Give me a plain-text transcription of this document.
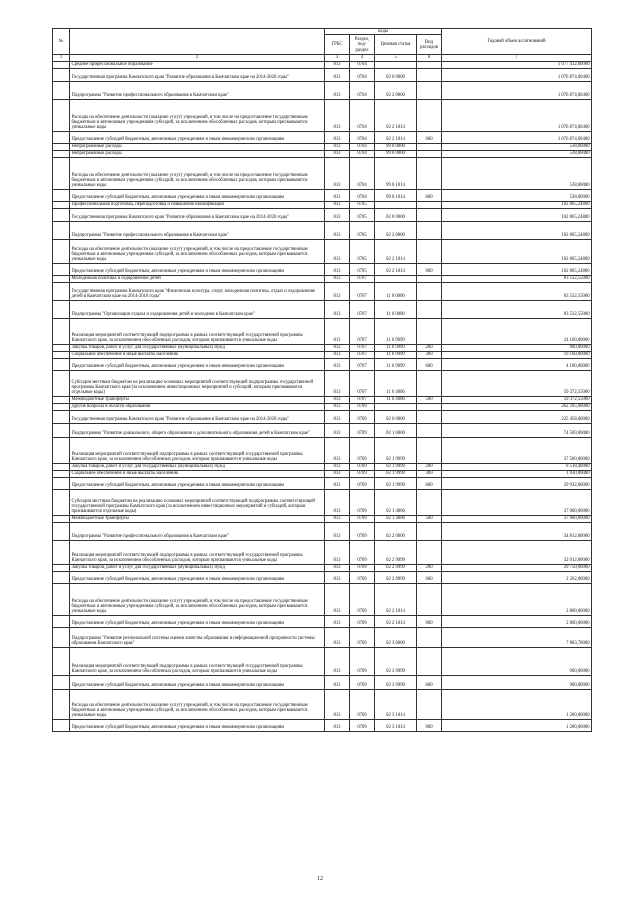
№		коды				Годовой объем ассигнований
		ГРБС	Раздел, под-раздел	Целевая статья	Вид расходов	
1	2	3	4	5	6	7
	Среднее профессиональное образование	813	0704			1 077 412,00000
	Государственная программа Камчатского края "Развитие образования в Камчатском крае на 2014-2020 годы"	813	0704	02 0 0000		1 076 874,00400
	Подпрограмма "Развитие профессионального образования в Камчатском крае"	813	0704	02 2 0000		1 076 874,00400
	Расходы на обеспечение деятельности (оказание услуг) учреждений, в том числе на предоставление государственным бюджетным и автономным учреждениям субсидий, за исключением обособленных расходов, которым присваиваются уникальные коды	813	0704	02 2 1014		1 076 874,00400
	Предоставление субсидий бюджетным, автономным учреждениям и иным некоммерческим организациям	813	0704	02 2 1014	600	1 076 874,00400
	Непрограммные расходы	813	0704	99 0 0000		538,00000
	Непрограммные расходы	813	0704	99 0 0000		538,00000
	Расходы на обеспечение деятельности (оказание услуг) учреждений, в том числе на предоставление государственным бюджетным и автономным учреждениям субсидий, за исключением обособленных расходов, которым присваиваются уникальные коды	813	0704	99 0 1014		538,00000
	Предоставление субсидий бюджетным, автономным учреждениям и иным некоммерческим организациям	813	0704	99 0 1014	600	538,00000
	Профессиональная подготовка, переподготовка и повышение квалификации	813	0705			102 865,24800
	Государственная программа Камчатского края "Развитие образования в Камчатском крае на 2014-2020 годы"	813	0705	02 0 0000		102 865,24800
	Подпрограмма "Развитие профессионального образования в Камчатском крае"	813	0705	02 2 0000		102 865,24800
	Расходы на обеспечение деятельности (оказание услуг) учреждений, в том числе на предоставление государственным бюджетным и автономным учреждениям субсидий, за исключением обособленных расходов, которым присваиваются уникальные коды	813	0705	02 2 1014		102 865,24800
	Предоставление субсидий бюджетным, автономным учреждениям и иным некоммерческим организациям	813	0705	02 2 1014	600	102 865,24800
	Молодежная политика и оздоровление детей	813	0707			83 532,55000
	Государственная программа Камчатского края "Физическая культура, спорт, молодежная политика, отдых и оздоровление детей в Камчатском крае на 2014-2018 годы"	813	0707	11 0 0000		83 532,55000
	Подпрограмма "Организация отдыха и оздоровления детей и молодежи в Камчатском крае"	813	0707	11 6 0000		83 532,55000
	Реализация мероприятий соответствующей подпрограммы в рамках соответствующей государственной программы Камчатского края, за исключением обособленных расходов, которым присваиваются уникальные коды	813	0707	11 6 9999		24 160,00000
	Закупка товаров, работ и услуг для государственных (муниципальных) нужд	813	0707	11 6 9999	200	900,00000
	Социальное обеспечение и иные выплаты населению	813	0707	11 6 9999	300	19 160,00000
	Предоставление субсидий бюджетным, автономным учреждениям и иным некоммерческим организациям	813	0707	11 6 9999	600	4 100,00000
	Субсидии местным бюджетам на реализацию основных мероприятий соответствующей подпрограммы государственной программы Камчатского края (за исключением инвестиционных мероприятий и субсидий, которым присваиваются отдельные коды)	813	0707	11 6 4006		59 372,55000
	Межбюджетные трансферты	813	0707	11 6 4006	500	59 372,55000
	Другие вопросы в области образования	813	0709			262 295,90000
	Государственная программа Камчатского края "Развитие образования в Камчатском крае на 2014-2020 годы"	813	0709	02 0 0000		225 458,60000
	Подпрограмма "Развитие дошкольного, общего образования и дополнительного образования детей в Камчатском крае"	813	0709	02 1 0000		74 500,00000
	Реализация мероприятий соответствующей подпрограммы в рамках соответствующей государственной программы Камчатского края, за исключением обособленных расходов, которым присваиваются уникальные коды	813	0709	02 1 9999		37 500,00000
	Закупка товаров, работ и услуг для государственных (муниципальных) нужд	813	0709	02 1 9999	200	8 518,40000
	Социальное обеспечение и иные выплаты населению	813	0709	02 1 9999	300	1 030,00000
	Предоставление субсидий бюджетным, автономным учреждениям и иным некоммерческим организациям	813	0709	02 1 9999	600	29 932,00000
	Субсидии местным бюджетам на реализацию основных мероприятий соответствующей подпрограммы соответствующей государственной программы Камчатского края (за исключением инвестиционных мероприятий и субсидий, которым присваиваются отдельные коды)	813	0709	02 1 4006		37 000,00000
	Межбюджетные трансферты	813	0709	02 1 4006	500	37 000,00000
	Подпрограмма "Развитие профессионального образования в Камчатском крае"	813	0709	02 2 0000		34 812,00000
	Реализация мероприятий соответствующей подпрограммы в рамках соответствующей государственной программы Камчатского края, за исключением обособленных расходов, которым присваиваются уникальные коды	813	0709	02 2 9999		32 012,00000
	Закупка товаров, работ и услуг для государственных (муниципальных) нужд	813	0709	02 2 9999	200	29 750,00000
	Предоставление субсидий бюджетным, автономным учреждениям и иным некоммерческим организациям	813	0709	02 2 9999	600	2 262,00000
	Расходы на обеспечение деятельности (оказание услуг) учреждений, в том числе на предоставление государственным бюджетным и автономным учреждениям субсидий, за исключением обособленных расходов, которым присваиваются уникальные коды	813	0709	02 2 1014		2 800,00000
	Предоставление субсидий бюджетным, автономным учреждениям и иным некоммерческим организациям	813	0709	02 2 1014	600	2 800,00000
	Подпрограмма "Развитие региональной системы оценки качества образования и информационной прозрачности системы образования Камчатского края"	813	0709	02 3 0000		7 883,70000
	Реализация мероприятий соответствующей подпрограммы в рамках соответствующей государственной программы Камчатского края, за исключением обособленных расходов, которым присваиваются уникальные коды	813	0709	02 3 9999		900,00000
	Предоставление субсидий бюджетным, автономным учреждениям и иным некоммерческим организациям	813	0709	02 3 9999	600	900,00000
	Расходы на обеспечение деятельности (оказание услуг) учреждений, в том числе на предоставление государственным бюджетным и автономным учреждениям субсидий, за исключением обособленных расходов, которым присваиваются уникальные коды	813	0709	02 3 1014		1 200,00000
	Предоставление субсидий бюджетным, автономным учреждениям и иным некоммерческим организациям	813	0709	02 3 1014	600	1 200,00000
12
